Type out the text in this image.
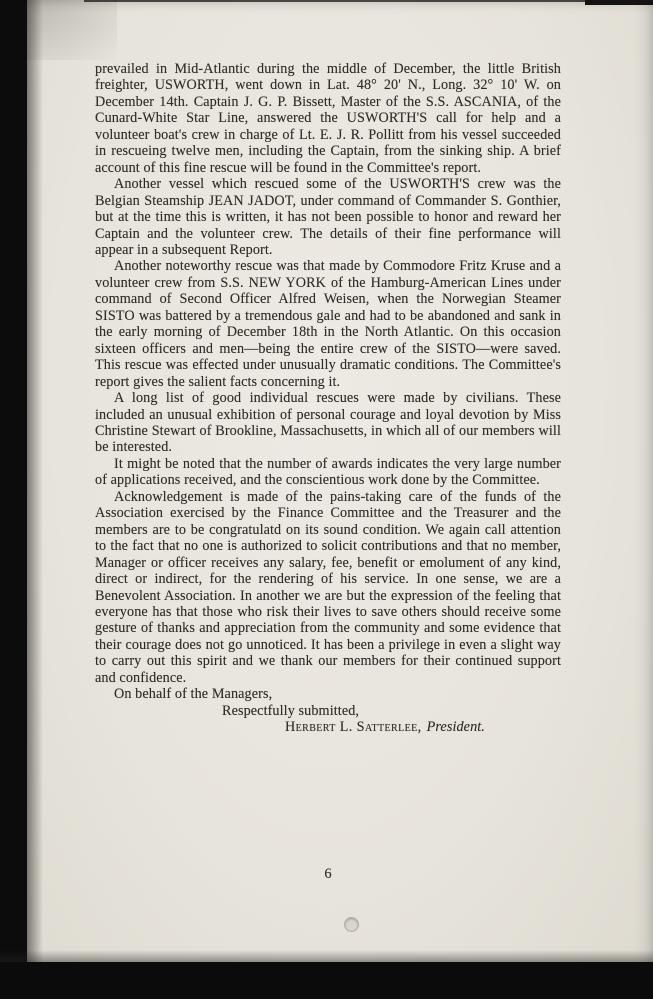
prevailed in Mid-Atlantic during the middle of December, the little British freighter, USWORTH, went down in Lat. 48° 20' N., Long. 32° 10' W. on December 14th. Captain J. G. P. Bissett, Master of the S.S. ASCANIA, of the Cunard-White Star Line, answered the USWORTH'S call for help and a volunteer boat's crew in charge of Lt. E. J. R. Pollitt from his vessel succeeded in rescueing twelve men, including the Captain, from the sinking ship. A brief account of this fine rescue will be found in the Committee's report.

Another vessel which rescued some of the USWORTH'S crew was the Belgian Steamship JEAN JADOT, under command of Commander S. Gonthier, but at the time this is written, it has not been possible to honor and reward her Captain and the volunteer crew. The details of their fine performance will appear in a subsequent Report.

Another noteworthy rescue was that made by Commodore Fritz Kruse and a volunteer crew from S.S. NEW YORK of the Hamburg-American Lines under command of Second Officer Alfred Weisen, when the Norwegian Steamer SISTO was battered by a tremendous gale and had to be abandoned and sank in the early morning of December 18th in the North Atlantic. On this occasion sixteen officers and men—being the entire crew of the SISTO—were saved. This rescue was effected under unusually dramatic conditions. The Committee's report gives the salient facts concerning it.

A long list of good individual rescues were made by civilians. These included an unusual exhibition of personal courage and loyal devotion by Miss Christine Stewart of Brookline, Massachusetts, in which all of our members will be interested.

It might be noted that the number of awards indicates the very large number of applications received, and the conscientious work done by the Committee.

Acknowledgement is made of the pains-taking care of the funds of the Association exercised by the Finance Committee and the Treasurer and the members are to be congratulatd on its sound condition. We again call attention to the fact that no one is authorized to solicit contributions and that no member, Manager or officer receives any salary, fee, benefit or emolument of any kind, direct or indirect, for the rendering of his service. In one sense, we are a Benevolent Association. In another we are but the expression of the feeling that everyone has that those who risk their lives to save others should receive some gesture of thanks and appreciation from the community and some evidence that their courage does not go unnoticed. It has been a privilege in even a slight way to carry out this spirit and we thank our members for their continued support and confidence.

On behalf of the Managers,

Respectfully submitted,

Herbert L. Satterlee, President.

6
